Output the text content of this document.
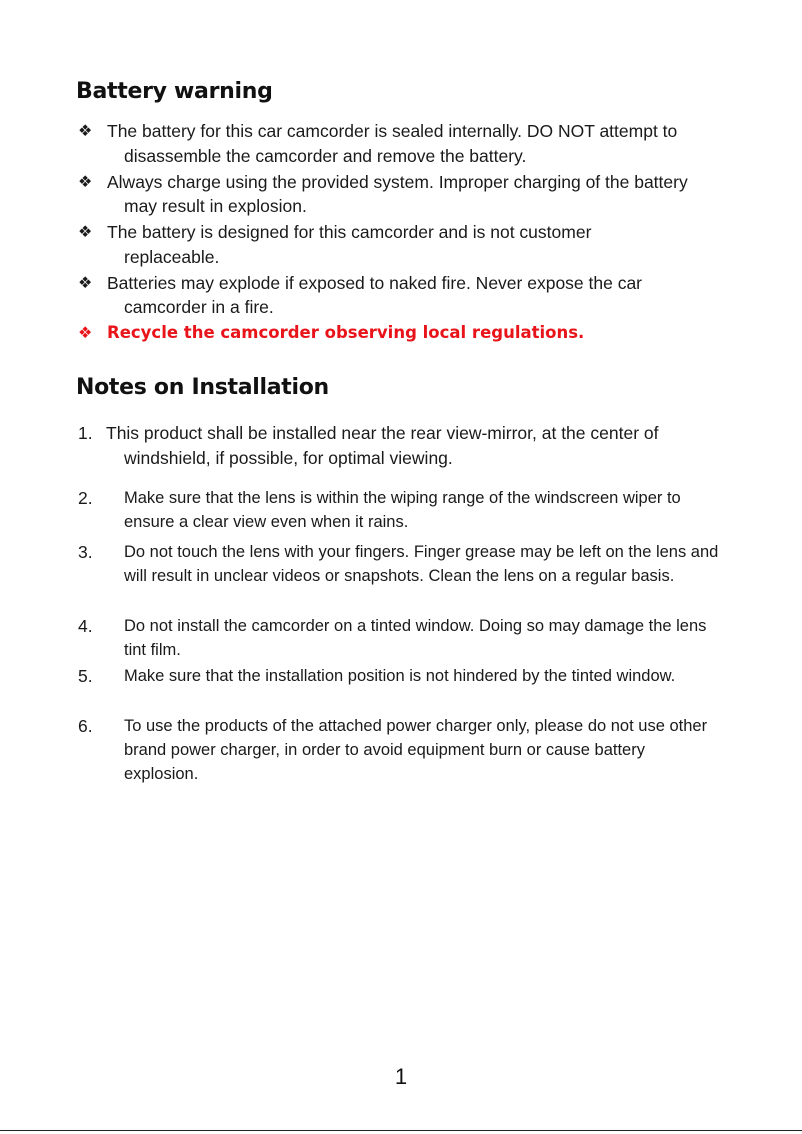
Battery warning
❖ The battery for this car camcorder is sealed internally. DO NOT attempt to disassemble the camcorder and remove the battery.
❖ Always charge using the provided system. Improper charging of the battery may result in explosion.
❖ The battery is designed for this camcorder and is not customer replaceable.
❖ Batteries may explode if exposed to naked fire. Never expose the car camcorder in a fire.
❖ Recycle the camcorder observing local regulations.
Notes on Installation
1. This product shall be installed near the rear view-mirror, at the center of windshield, if possible, for optimal viewing.
2.	Make sure that the lens is within the wiping range of the windscreen wiper to ensure a clear view even when it rains.
3.	Do not touch the lens with your fingers. Finger grease may be left on the lens and will result in unclear videos or snapshots. Clean the lens on a regular basis.
4.	Do not install the camcorder on a tinted window. Doing so may damage the lens tint film.
5.	Make sure that the installation position is not hindered by the tinted window.
6.	To use the products of the attached power charger only, please do not use other brand power charger, in order to avoid equipment burn or cause battery explosion.
1
